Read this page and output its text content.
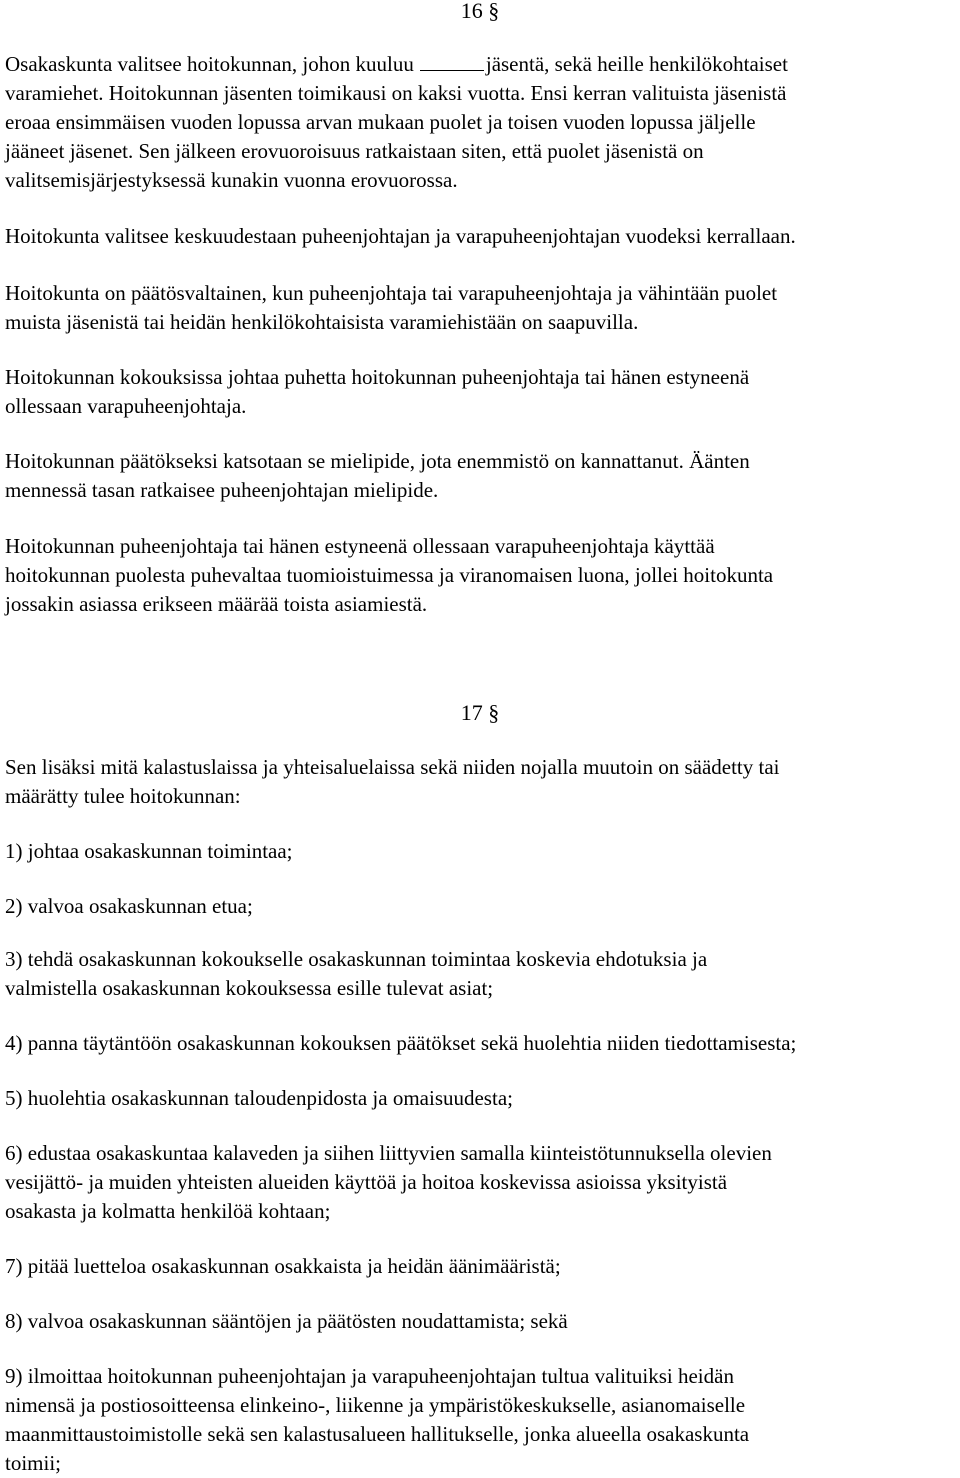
16 §
Osakaskunta valitsee hoitokunnan, johon kuuluu	jäsentä, sekä heille henkilökohtaiset
varamiehet. Hoitokunnan jäsenten toimikausi on kaksi vuotta. Ensi kerran valituista jäsenistä
eroaa ensimmäisen vuoden lopussa arvan mukaan puolet ja toisen vuoden lopussa jäljelle
jääneet jäsenet. Sen jälkeen erovuoroisuus ratkaistaan siten, että puolet jäsenistä on
valitsemisjärjestyksessä kunakin vuonna erovuorossa.
Hoitokunta valitsee keskuudestaan puheenjohtajan ja varapuheenjohtajan vuodeksi kerrallaan.
Hoitokunta on päätösvaltainen, kun puheenjohtaja tai varapuheenjohtaja ja vähintään puolet
muista jäsenistä tai heidän henkilökohtaisista varamiehistään on saapuvilla.
Hoitokunnan kokouksissa johtaa puhetta hoitokunnan puheenjohtaja tai hänen estyneenä
ollessaan varapuheenjohtaja.
Hoitokunnan päätökseksi katsotaan se mielipide, jota enemmistö on kannattanut. Äänten
mennessä tasan ratkaisee puheenjohtajan mielipide.
Hoitokunnan puheenjohtaja tai hänen estyneenä ollessaan varapuheenjohtaja käyttää
hoitokunnan puolesta puhevaltaa tuomioistuimessa ja viranomaisen luona, jollei hoitokunta
jossakin asiassa erikseen määrää toista asiamiestä.
17 §
Sen lisäksi mitä kalastuslaissa ja yhteisaluelaissa sekä niiden nojalla muutoin on säädetty tai
määrätty tulee hoitokunnan:
1) johtaa osakaskunnan toimintaa;
2) valvoa osakaskunnan etua;
3) tehdä osakaskunnan kokoukselle osakaskunnan toimintaa koskevia ehdotuksia ja
valmistella osakaskunnan kokouksessa esille tulevat asiat;
4) panna täytäntöön osakaskunnan kokouksen päätökset sekä huolehtia niiden tiedottamisesta;
5) huolehtia osakaskunnan taloudenpidosta ja omaisuudesta;
6) edustaa osakaskuntaa kalaveden ja siihen liittyvien samalla kiinteistötunnuksella olevien
vesijättö- ja muiden yhteisten alueiden käyttöä ja hoitoa koskevissa asioissa yksityistä
osakasta ja kolmatta henkilöä kohtaan;
7) pitää luetteloa osakaskunnan osakkaista ja heidän äänimääristä;
8) valvoa osakaskunnan sääntöjen ja päätösten noudattamista; sekä
9) ilmoittaa hoitokunnan puheenjohtajan ja varapuheenjohtajan tultua valituiksi heidän
nimensä ja postiosoitteensa elinkeino-, liikenne ja ympäristökeskukselle, asianomaiselle
maanmittaustoimistolle sekä sen kalastusalueen hallitukselle, jonka alueella osakaskunta
toimii;
